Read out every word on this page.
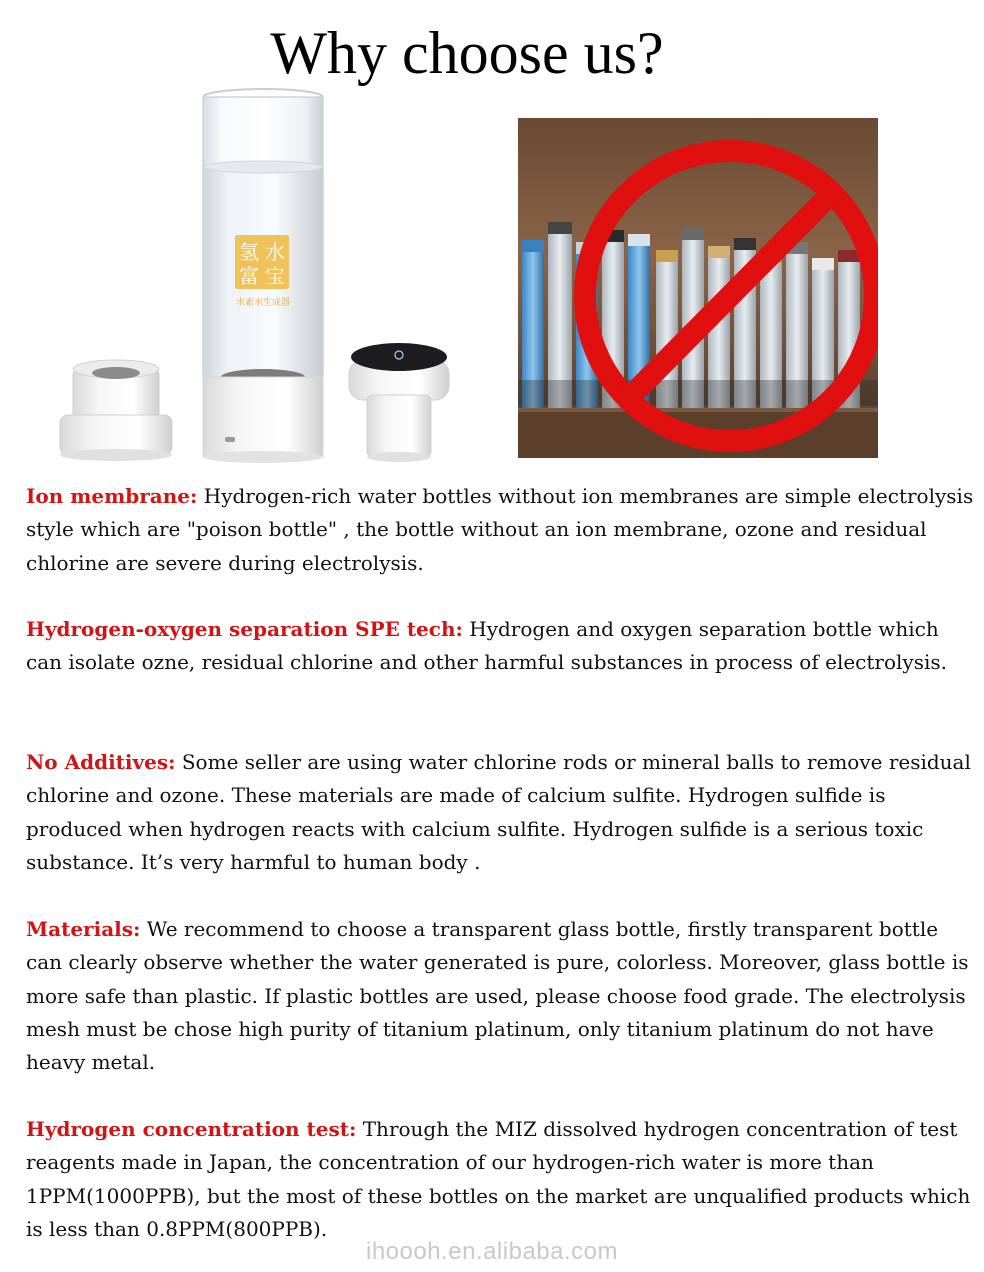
Why choose us?
氢 水
富 宝
水素水生成器
Ion membrane: Hydrogen-rich water bottles without ion membranes are simple electrolysis style which are "poison bottle" , the bottle without an ion membrane, ozone and residual chlorine are severe during electrolysis.
Hydrogen-oxygen separation SPE tech: Hydrogen and oxygen separation bottle which can isolate ozne, residual chlorine and other harmful substances in process of electrolysis.
No Additives: Some seller are using water chlorine rods or mineral balls to remove residual chlorine and ozone. These materials are made of calcium sulfite. Hydrogen sulfide is produced when hydrogen reacts with calcium sulfite. Hydrogen sulfide is a serious toxic substance. It’s very harmful to human body .
Materials: We recommend to choose a transparent glass bottle, firstly transparent bottle can clearly observe whether the water generated is pure, colorless. Moreover, glass bottle is more safe than plastic. If plastic bottles are used, please choose food grade. The electrolysis mesh must be chose high purity of titanium platinum, only titanium platinum do not have heavy metal.
Hydrogen concentration test: Through the MIZ dissolved hydrogen concentration of test reagents made in Japan, the concentration of our hydrogen-rich water is more than 1PPM(1000PPB), but the most of these bottles on the market are unqualified products which is less than 0.8PPM(800PPB).
ihoooh.en.alibaba.com
